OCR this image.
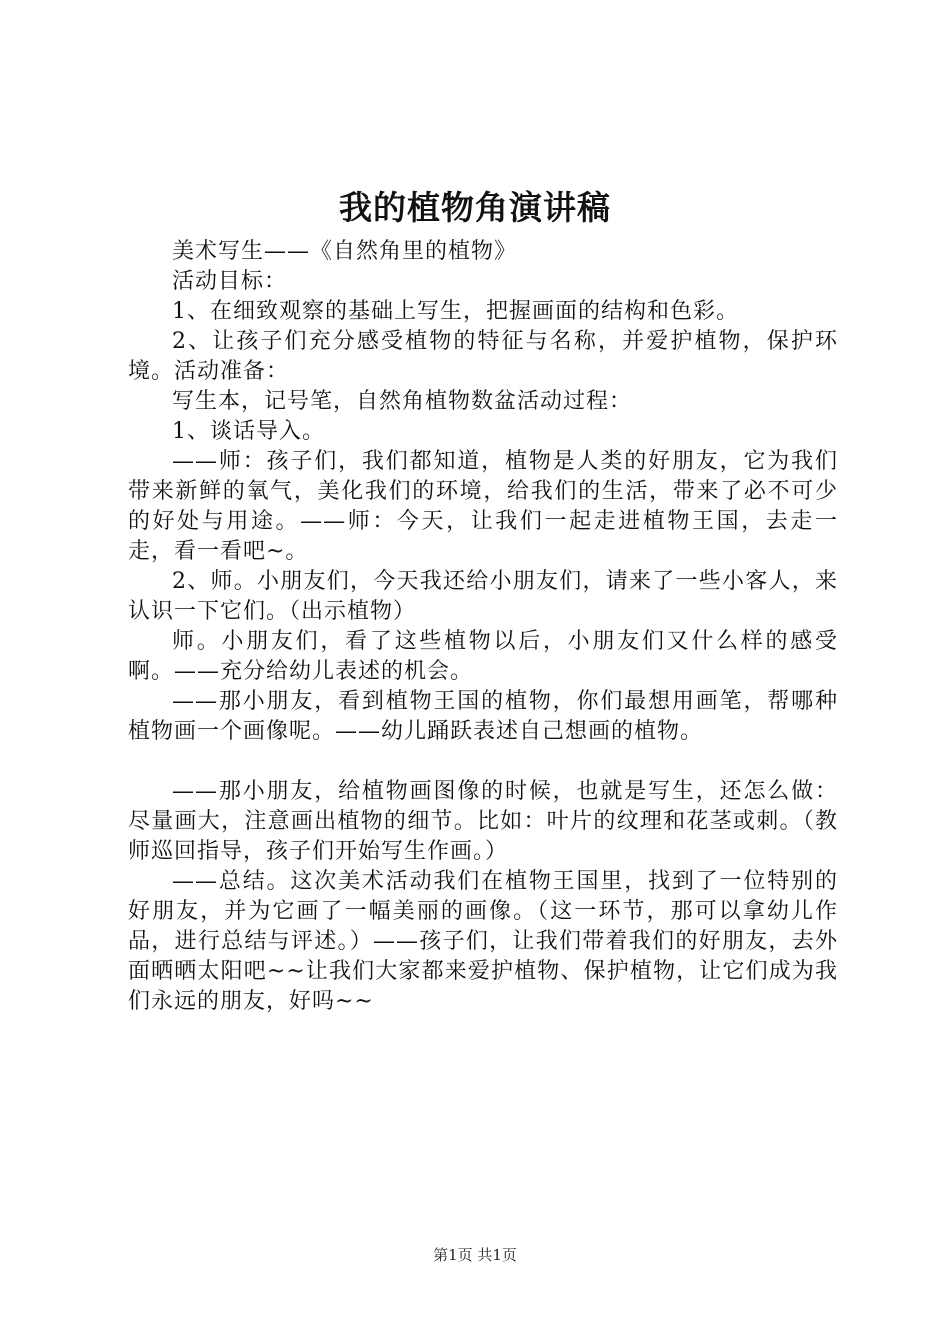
我的植物角演讲稿

美术写生——《自然角里的植物》

活动目标：

1、在细致观察的基础上写生，把握画面的结构和色彩。

2、让孩子们充分感受植物的特征与名称，并爱护植物，保护环境。活动准备：

写生本，记号笔，自然角植物数盆活动过程：

1、谈话导入。

——师：孩子们，我们都知道，植物是人类的好朋友，它为我们带来新鲜的氧气，美化我们的环境，给我们的生活，带来了必不可少的好处与用途。——师：今天，让我们一起走进植物王国，去走一走，看一看吧~。

2、师。小朋友们，今天我还给小朋友们，请来了一些小客人，来认识一下它们。（出示植物）

师。小朋友们，看了这些植物以后，小朋友们又什么样的感受啊。——充分给幼儿表述的机会。

——那小朋友，看到植物王国的植物，你们最想用画笔，帮哪种植物画一个画像呢。——幼儿踊跃表述自己想画的植物。

——那小朋友，给植物画图像的时候，也就是写生，还怎么做：尽量画大，注意画出植物的细节。比如：叶片的纹理和花茎或刺。（教师巡回指导，孩子们开始写生作画。）

——总结。这次美术活动我们在植物王国里，找到了一位特别的好朋友，并为它画了一幅美丽的画像。（这一环节，那可以拿幼儿作品，进行总结与评述。）——孩子们，让我们带着我们的好朋友，去外面晒晒太阳吧~~让我们大家都来爱护植物、保护植物，让它们成为我们永远的朋友，好吗~~

第1页 共1页
